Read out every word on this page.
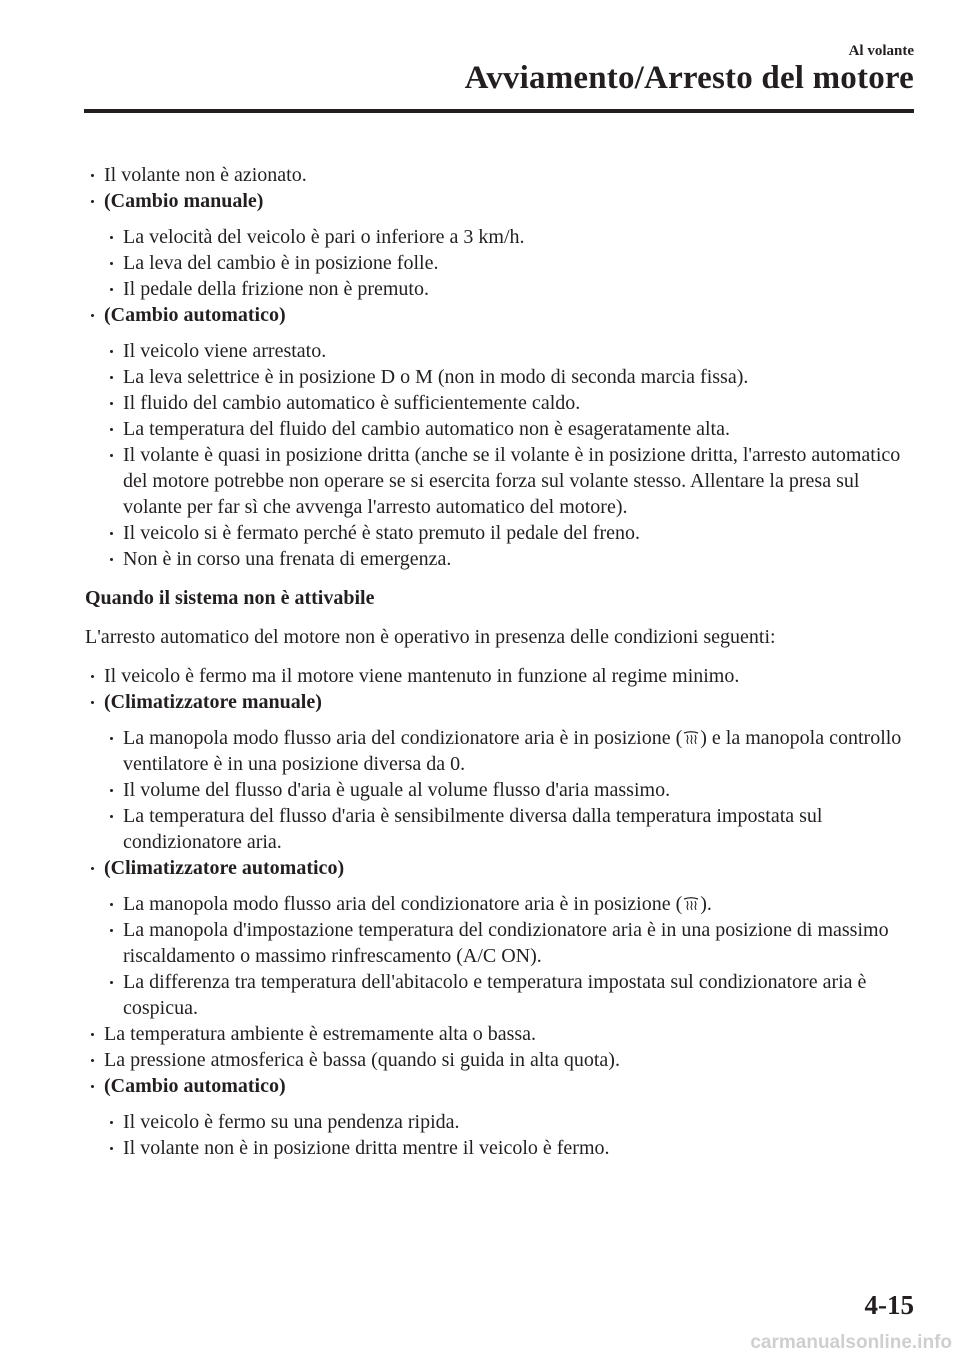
Al volante
Avviamento/Arresto del motore
Il volante non è azionato.
(Cambio manuale)
La velocità del veicolo è pari o inferiore a 3 km/h.
La leva del cambio è in posizione folle.
Il pedale della frizione non è premuto.
(Cambio automatico)
Il veicolo viene arrestato.
La leva selettrice è in posizione D o M (non in modo di seconda marcia fissa).
Il fluido del cambio automatico è sufficientemente caldo.
La temperatura del fluido del cambio automatico non è esageratamente alta.
Il volante è quasi in posizione dritta (anche se il volante è in posizione dritta, l'arresto automatico del motore potrebbe non operare se si esercita forza sul volante stesso. Allentare la presa sul volante per far sì che avvenga l'arresto automatico del motore).
Il veicolo si è fermato perché è stato premuto il pedale del freno.
Non è in corso una frenata di emergenza.
Quando il sistema non è attivabile
L'arresto automatico del motore non è operativo in presenza delle condizioni seguenti:
Il veicolo è fermo ma il motore viene mantenuto in funzione al regime minimo.
(Climatizzatore manuale)
La manopola modo flusso aria del condizionatore aria è in posizione ( ) e la manopola controllo ventilatore è in una posizione diversa da 0.
Il volume del flusso d'aria è uguale al volume flusso d'aria massimo.
La temperatura del flusso d'aria è sensibilmente diversa dalla temperatura impostata sul condizionatore aria.
(Climatizzatore automatico)
La manopola modo flusso aria del condizionatore aria è in posizione ( ).
La manopola d'impostazione temperatura del condizionatore aria è in una posizione di massimo riscaldamento o massimo rinfrescamento (A/C ON).
La differenza tra temperatura dell'abitacolo e temperatura impostata sul condizionatore aria è cospicua.
La temperatura ambiente è estremamente alta o bassa.
La pressione atmosferica è bassa (quando si guida in alta quota).
(Cambio automatico)
Il veicolo è fermo su una pendenza ripida.
Il volante non è in posizione dritta mentre il veicolo è fermo.
4-15
carmanualsonline.info
